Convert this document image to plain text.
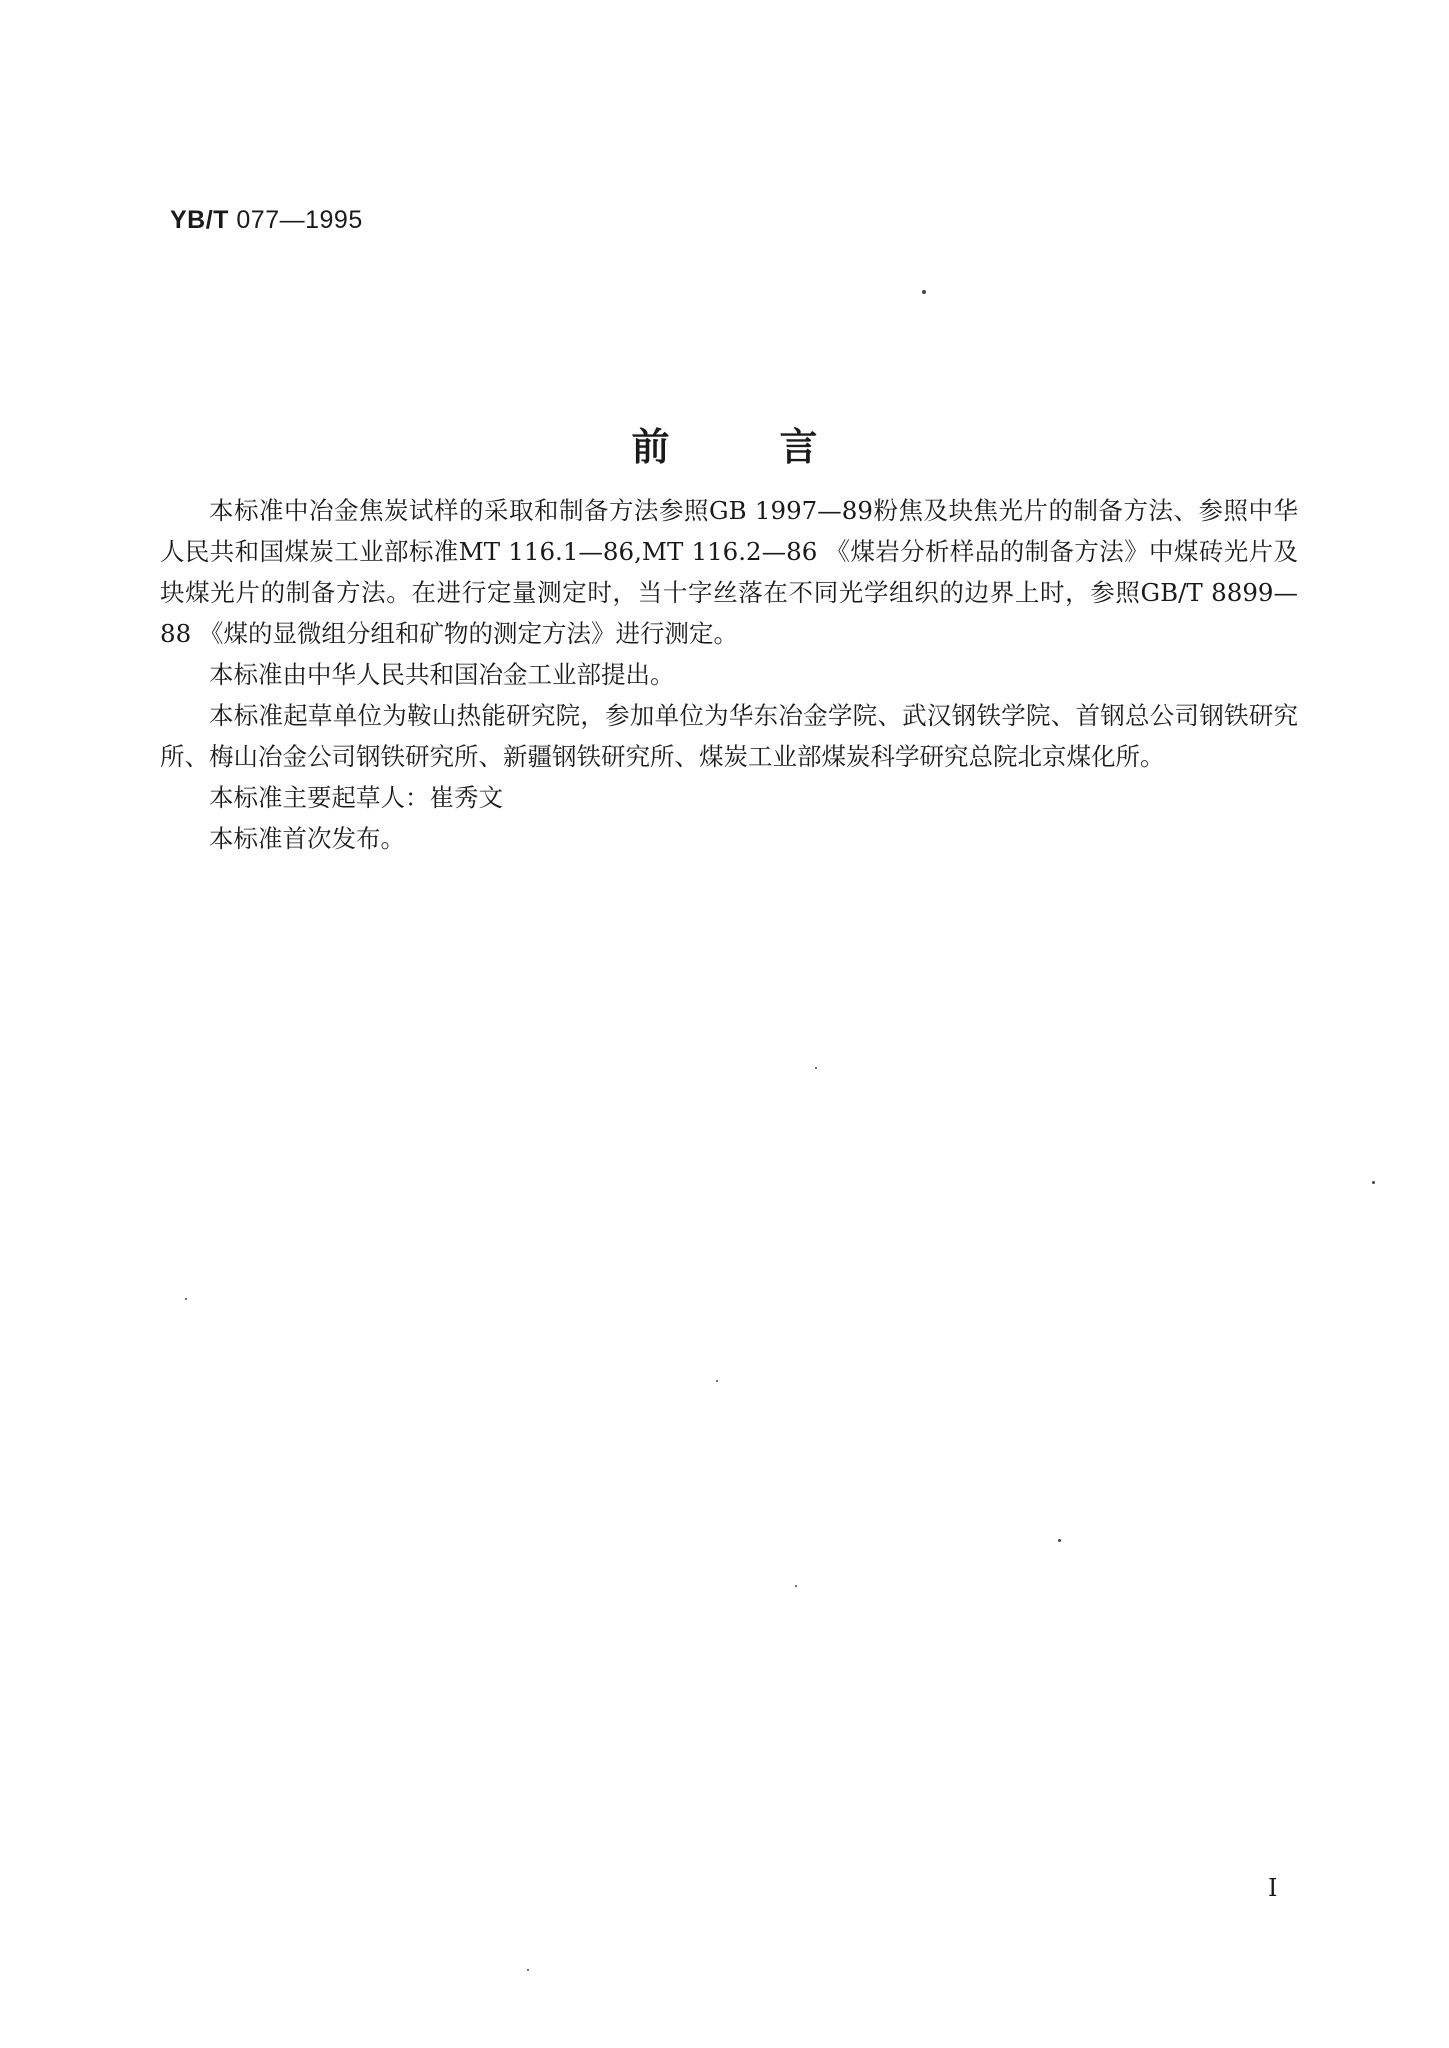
YB/T 077—1995
前言

本标准中冶金焦炭试样的采取和制备方法参照GB 1997—89粉焦及块焦光片的制备方法、参照中华人民共和国煤炭工业部标准MT 116.1—86,MT 116.2—86 《煤岩分析样品的制备方法》中煤砖光片及块煤光片的制备方法。在进行定量测定时，当十字丝落在不同光学组织的边界上时，参照GB/T 8899—88 《煤的显微组分组和矿物的测定方法》进行测定。

本标准由中华人民共和国冶金工业部提出。

本标准起草单位为鞍山热能研究院，参加单位为华东冶金学院、武汉钢铁学院、首钢总公司钢铁研究所、梅山冶金公司钢铁研究所、新疆钢铁研究所、煤炭工业部煤炭科学研究总院北京煤化所。

本标准主要起草人：崔秀文

本标准首次发布。

I
